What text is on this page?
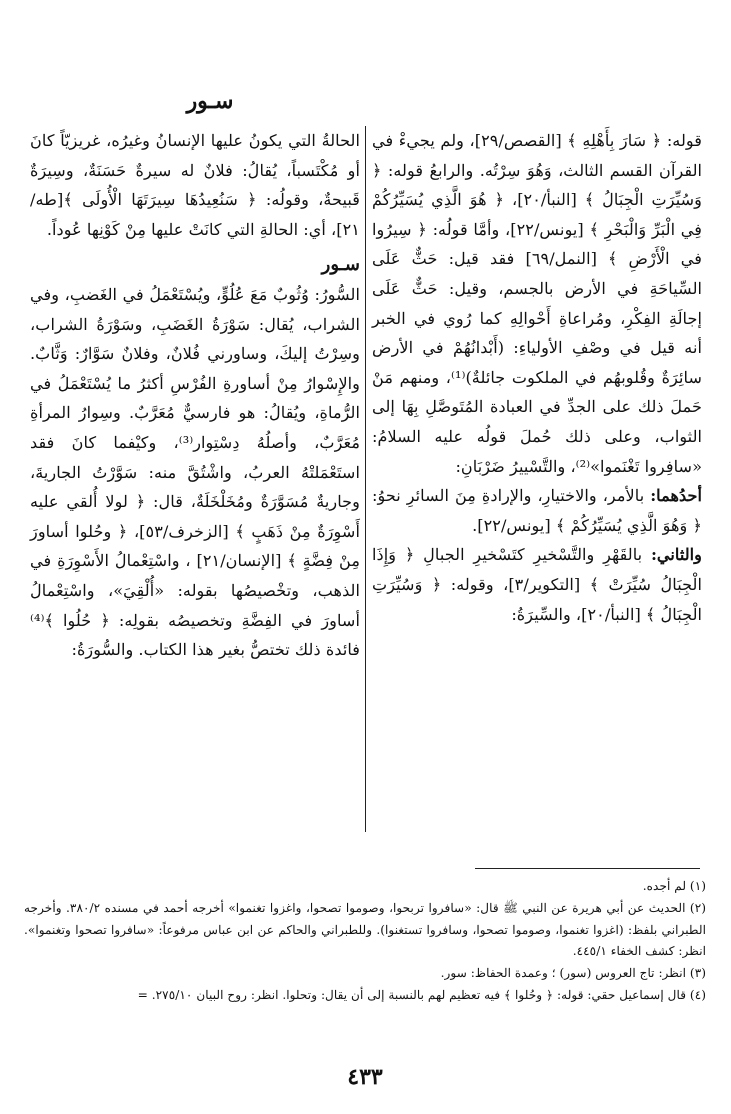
سـور

قوله: ﴿ سَارَ بِأَهْلِهِ ﴾ [القصص/٢٩]، ولم يجيءْ في القرآن القسم الثالث، وَهُوَ سِرْتُه. والرابعُ قوله: ﴿ وَسُيِّرَتِ الْجِبَالُ ﴾ [النبأ/٢٠]، ﴿ هُوَ الَّذِي يُسَيِّرُكُمْ فِي الْبَرِّ وَالْبَحْرِ ﴾ [يونس/٢٢]، وأمَّا قولُه: ﴿ سِيرُوا في الْأَرْضِ ﴾ [النمل/٦٩] فقد قيل: حَثٌّ عَلَى السِّياحَةِ في الأرض بالجسم، وقيل: حَثٌّ عَلَى إجالَةِ الفِكْرِ، ومُراعاةِ أَحْوالِهِ كما رُوي في الخبر أنه قيل في وصْفِ الأولياءِ: (أَبْدانُهُمْ في الأرض سائِرَةٌ وقُلوبهُم في الملكوت جائلةٌ)⁽¹⁾، ومنهم مَنْ حَملَ ذلك على الجدِّ في العبادة المُتَوصَّلِ بِهَا إلى الثواب، وعلى ذلك حُملَ قولُه عليه السلامُ: «سافِروا تَغْنَموا»⁽²⁾، والتَّسْييرُ ضَرْبَانِ:

أحدُهما: بالأمر، والاختيارِ، والإرادةِ مِنَ السائرِ نحوُ: ﴿ وَهُوَ الَّذِي يُسَيِّرُكُمْ ﴾ [يونس/٢٢].

والثاني: بالقَهْرِ والتَّسْخيرِ كتَسْخيرِ الجبالِ ﴿ وَإِذَا الْجِبَالُ سُيِّرَتْ ﴾ [التكوير/٣]، وقوله: ﴿ وَسُيِّرَتِ الْجِبَالُ ﴾ [النبأ/٢٠]، والسِّيرَةُ:

الحالةُ التي يكونُ عليها الإنسانُ وغيرُه، غريزيّاً كانَ أو مُكْتَسباً، يُقالُ: فلانٌ له سيرةٌ حَسَنَةٌ، وسِيرَةٌ قَبيحةٌ، وقولُه: ﴿ سَنُعِيدُهَا سِيرَتَهَا الْأُولَى ﴾[طه/٢١]، أي: الحالةِ التي كانَتْ عليها مِنْ كَوْنِها عُوداً.

سـور

السُّورُ: وُثُوبٌ مَعَ عُلُوٍّ، ويُسْتَعْمَلُ في الغَضبِ، وفي الشراب، يُقال: سَوْرَةُ الغَضَبِ، وسَوْرَةُ الشراب، وسِرْتُ إليكَ، وساورني فُلانٌ، وفلانٌ سَوَّارٌ: وَثَّابٌ. والإِسْوارُ مِنْ أساورةِ الفُرْسِ أكثرُ ما يُسْتَعْمَلُ في الرُّماةِ، ويُقالُ: هو فارسيٌّ مُعَرَّبٌ. وسِوارُ المرأةِ مُعَرَّبٌ، وأصلُهُ دِسْتِوار⁽³⁾، وكيْفما كانَ فقد استَعْمَلتْهُ العربُ، واشْتُقَّ منه: سَوَّرْتُ الجاريةَ، وجاريةٌ مُسَوَّرَةٌ ومُخَلْخَلَةٌ، قال: ﴿ لولا أُلقي عليه أَسْوِرَةٌ مِنْ ذَهَبٍ ﴾ [الزخرف/٥٣]، ﴿ وحُلوا أساورَ مِنْ فِضَّةٍ ﴾ [الإنسان/٢١] ، واسْتِعْمالُ الأَسْوِرَةِ في الذهب، وتخْصيصُها بقوله: «أُلْقِيَ»، واسْتِعْمالُ أساورَ في الفِضَّةِ وتخصيصُه بقولِه: ﴿ حُلُوا ﴾⁽⁴⁾ فائدة ذلك تختصُّ بغير هذا الكتاب. والسُّورَةُ:

(١) لم أجده.

(٢) الحديث عن أبي هريرة عن النبي ﷺ قال: «سافروا تربحوا، وصوموا تصحوا، واغزوا تغنموا» أخرجه أحمد في مسنده ٣٨٠/٢. وأخرجه الطبراني بلفظ: (اغزوا تغنموا، وصوموا تصحوا، وسافروا تستغنوا). وللطبراني والحاكم عن ابن عباس مرفوعاً: «سافروا تصحوا وتغنموا». انظر: كشف الخفاء ٤٤٥/١.

(٣) انظر: تاج العروس (سور) ؛ وعمدة الحفاظ: سور.

(٤) قال إسماعيل حقي: قوله: ﴿ وحُلوا ﴾ فيه تعظيم لهم بالنسبة إلى أن يقال: وتحلوا. انظر: روح البيان ٢٧٥/١٠. =

٤٣٣
